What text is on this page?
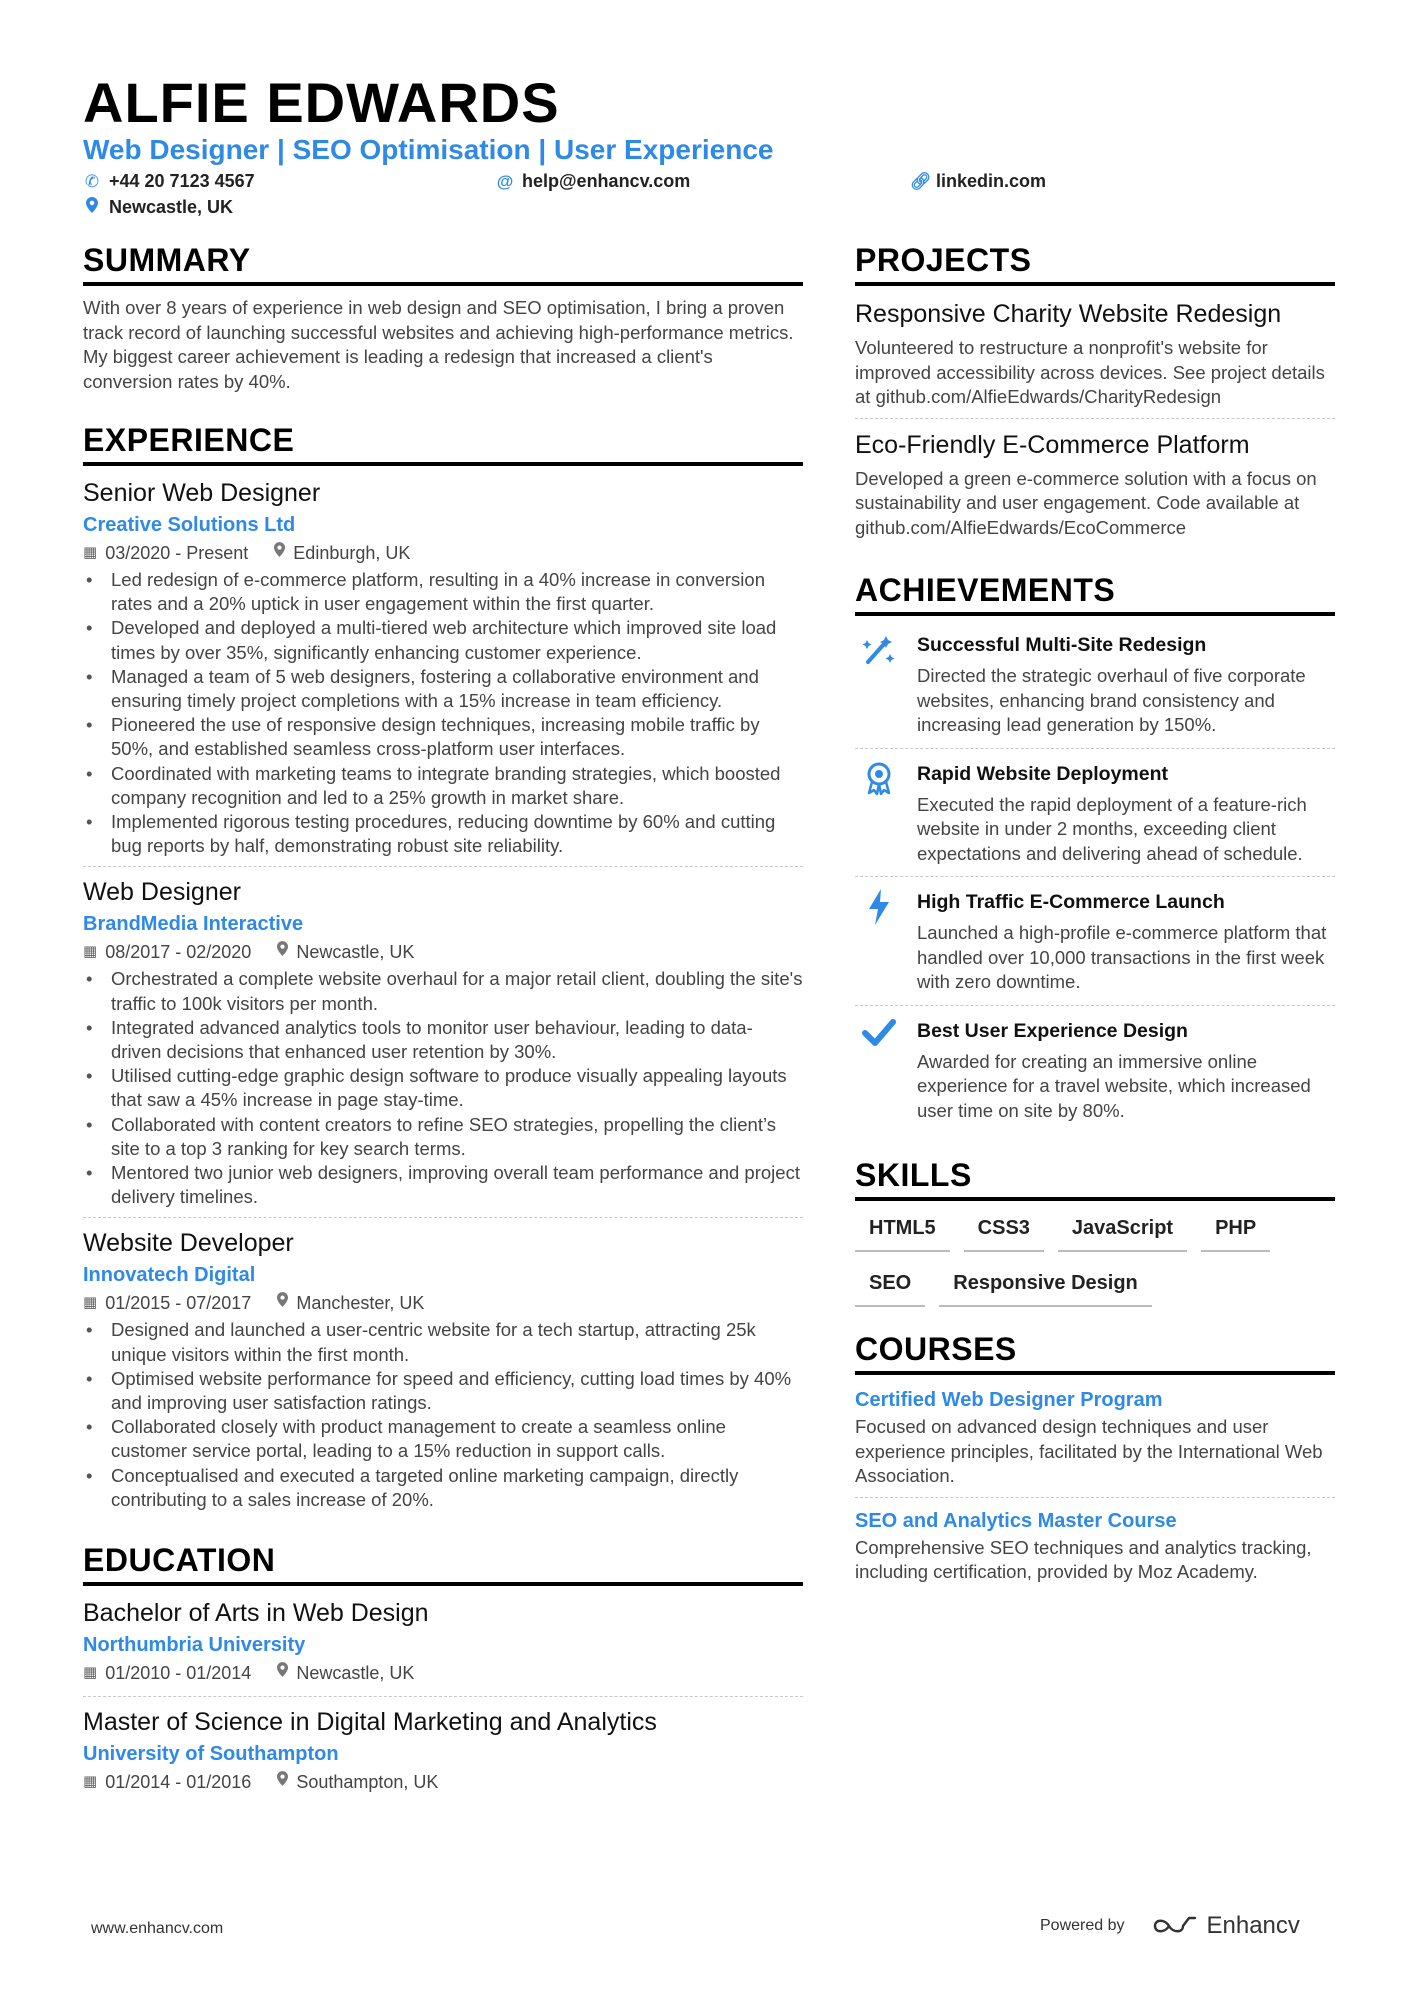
ALFIE EDWARDS
Web Designer | SEO Optimisation | User Experience
✆ +44 20 7123 4567	@ help@enhancv.com	🔗︎ linkedin.com
Newcastle, UK
SUMMARY

With over 8 years of experience in web design and SEO optimisation, I bring a proven track record of launching successful websites and achieving high-performance metrics. My biggest career achievement is leading a redesign that increased a client's conversion rates by 40%.

EXPERIENCE
Senior Web Designer
Creative Solutions Ltd
▦ 03/2020 - Present	Edinburgh, UK
• Led redesign of e-commerce platform, resulting in a 40% increase in conversion rates and a 20% uptick in user engagement within the first quarter.
• Developed and deployed a multi-tiered web architecture which improved site load times by over 35%, significantly enhancing customer experience.
• Managed a team of 5 web designers, fostering a collaborative environment and ensuring timely project completions with a 15% increase in team efficiency.
• Pioneered the use of responsive design techniques, increasing mobile traffic by 50%, and established seamless cross-platform user interfaces.
• Coordinated with marketing teams to integrate branding strategies, which boosted company recognition and led to a 25% growth in market share.
• Implemented rigorous testing procedures, reducing downtime by 60% and cutting bug reports by half, demonstrating robust site reliability.
Web Designer
BrandMedia Interactive
▦ 08/2017 - 02/2020	Newcastle, UK
• Orchestrated a complete website overhaul for a major retail client, doubling the site's traffic to 100k visitors per month.
• Integrated advanced analytics tools to monitor user behaviour, leading to data-driven decisions that enhanced user retention by 30%.
• Utilised cutting-edge graphic design software to produce visually appealing layouts that saw a 45% increase in page stay-time.
• Collaborated with content creators to refine SEO strategies, propelling the client’s site to a top 3 ranking for key search terms.
• Mentored two junior web designers, improving overall team performance and project delivery timelines.
Website Developer
Innovatech Digital
▦ 01/2015 - 07/2017	Manchester, UK
• Designed and launched a user-centric website for a tech startup, attracting 25k unique visitors within the first month.
• Optimised website performance for speed and efficiency, cutting load times by 40% and improving user satisfaction ratings.
• Collaborated closely with product management to create a seamless online customer service portal, leading to a 15% reduction in support calls.
• Conceptualised and executed a targeted online marketing campaign, directly contributing to a sales increase of 20%.
EDUCATION
Bachelor of Arts in Web Design
Northumbria University
▦ 01/2010 - 01/2014	Newcastle, UK
Master of Science in Digital Marketing and Analytics
University of Southampton
▦ 01/2014 - 01/2016	Southampton, UK
PROJECTS
Responsive Charity Website Redesign

Volunteered to restructure a nonprofit's website for improved accessibility across devices. See project details at github.com/AlfieEdwards/CharityRedesign

Eco-Friendly E-Commerce Platform

Developed a green e-commerce solution with a focus on sustainability and user engagement. Code available at github.com/AlfieEdwards/EcoCommerce

ACHIEVEMENTS
Successful Multi-Site Redesign

Directed the strategic overhaul of five corporate websites, enhancing brand consistency and increasing lead generation by 150%.

Rapid Website Deployment

Executed the rapid deployment of a feature-rich website in under 2 months, exceeding client expectations and delivering ahead of schedule.

High Traffic E-Commerce Launch

Launched a high-profile e-commerce platform that handled over 10,000 transactions in the first week with zero downtime.

Best User Experience Design

Awarded for creating an immersive online experience for a travel website, which increased user time on site by 80%.

SKILLS
HTML5	CSS3	JavaScript	PHP
SEO	Responsive Design
COURSES
Certified Web Designer Program

Focused on advanced design techniques and user experience principles, facilitated by the International Web Association.

SEO and Analytics Master Course

Comprehensive SEO techniques and analytics tracking, including certification, provided by Moz Academy.

www.enhancv.com	Powered by	Enhancv
